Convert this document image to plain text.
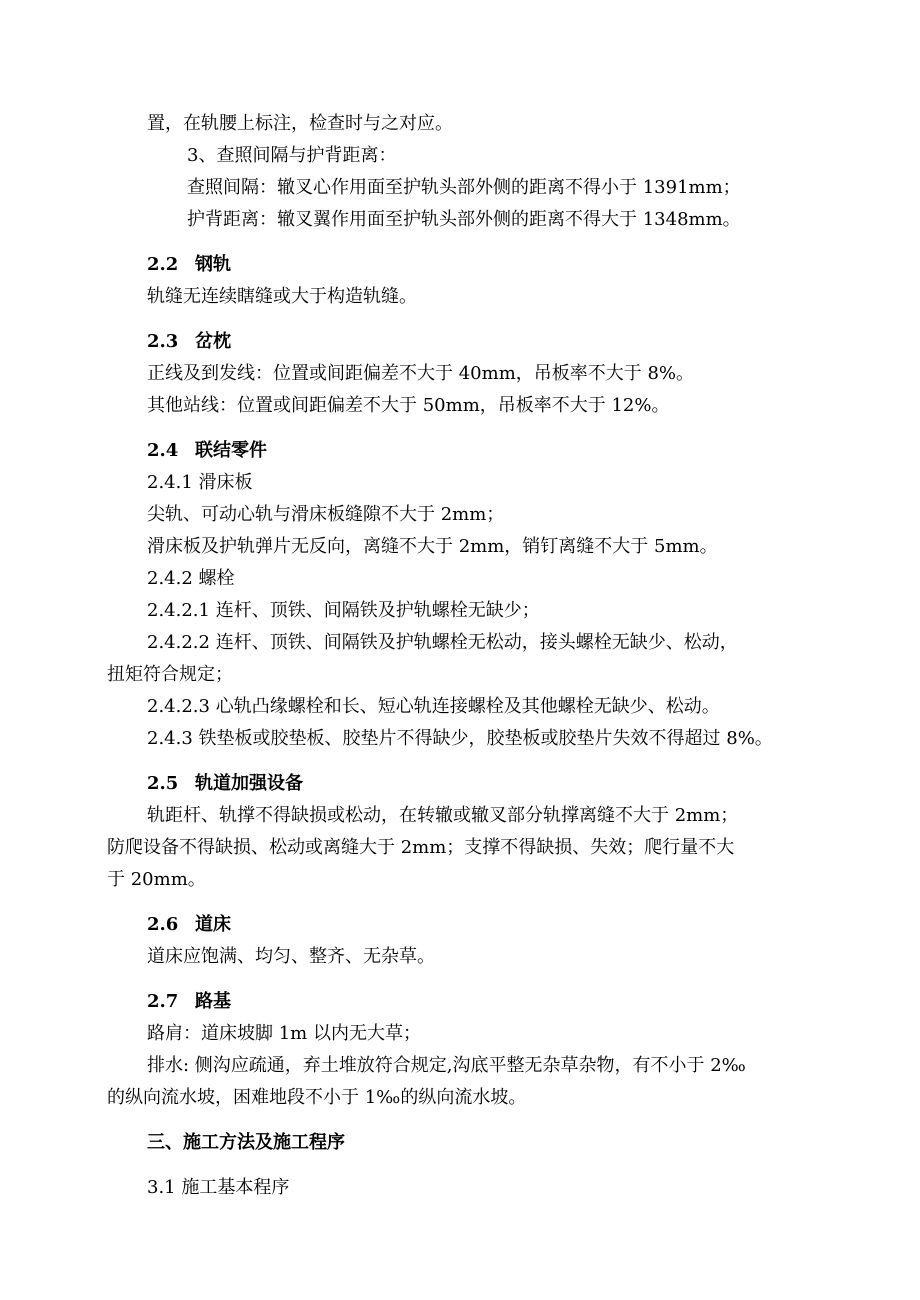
置，在轨腰上标注，检查时与之对应。
3、查照间隔与护背距离：
查照间隔：辙叉心作用面至护轨头部外侧的距离不得小于 1391mm；
护背距离：辙叉翼作用面至护轨头部外侧的距离不得大于 1348mm。
2.2 钢轨
轨缝无连续瞎缝或大于构造轨缝。
2.3 岔枕
正线及到发线：位置或间距偏差不大于 40mm，吊板率不大于 8%。
其他站线：位置或间距偏差不大于 50mm，吊板率不大于 12%。
2.4 联结零件
2.4.1 滑床板
尖轨、可动心轨与滑床板缝隙不大于 2mm；
滑床板及护轨弹片无反向，离缝不大于 2mm，销钉离缝不大于 5mm。
2.4.2 螺栓
2.4.2.1 连杆、顶铁、间隔铁及护轨螺栓无缺少；
2.4.2.2 连杆、顶铁、间隔铁及护轨螺栓无松动，接头螺栓无缺少、松动，
扭矩符合规定；
2.4.2.3 心轨凸缘螺栓和长、短心轨连接螺栓及其他螺栓无缺少、松动。
2.4.3 铁垫板或胶垫板、胶垫片不得缺少，胶垫板或胶垫片失效不得超过 8%。
2.5 轨道加强设备
轨距杆、轨撑不得缺损或松动，在转辙或辙叉部分轨撑离缝不大于 2mm；
防爬设备不得缺损、松动或离缝大于 2mm；支撑不得缺损、失效；爬行量不大
于 20mm。
2.6 道床
道床应饱满、均匀、整齐、无杂草。
2.7 路基
路肩：道床坡脚 1m 以内无大草；
排水: 侧沟应疏通，弃土堆放符合规定,沟底平整无杂草杂物，有不小于 2‰
的纵向流水坡，困难地段不小于 1‰的纵向流水坡。
三、施工方法及施工程序
3.1 施工基本程序
